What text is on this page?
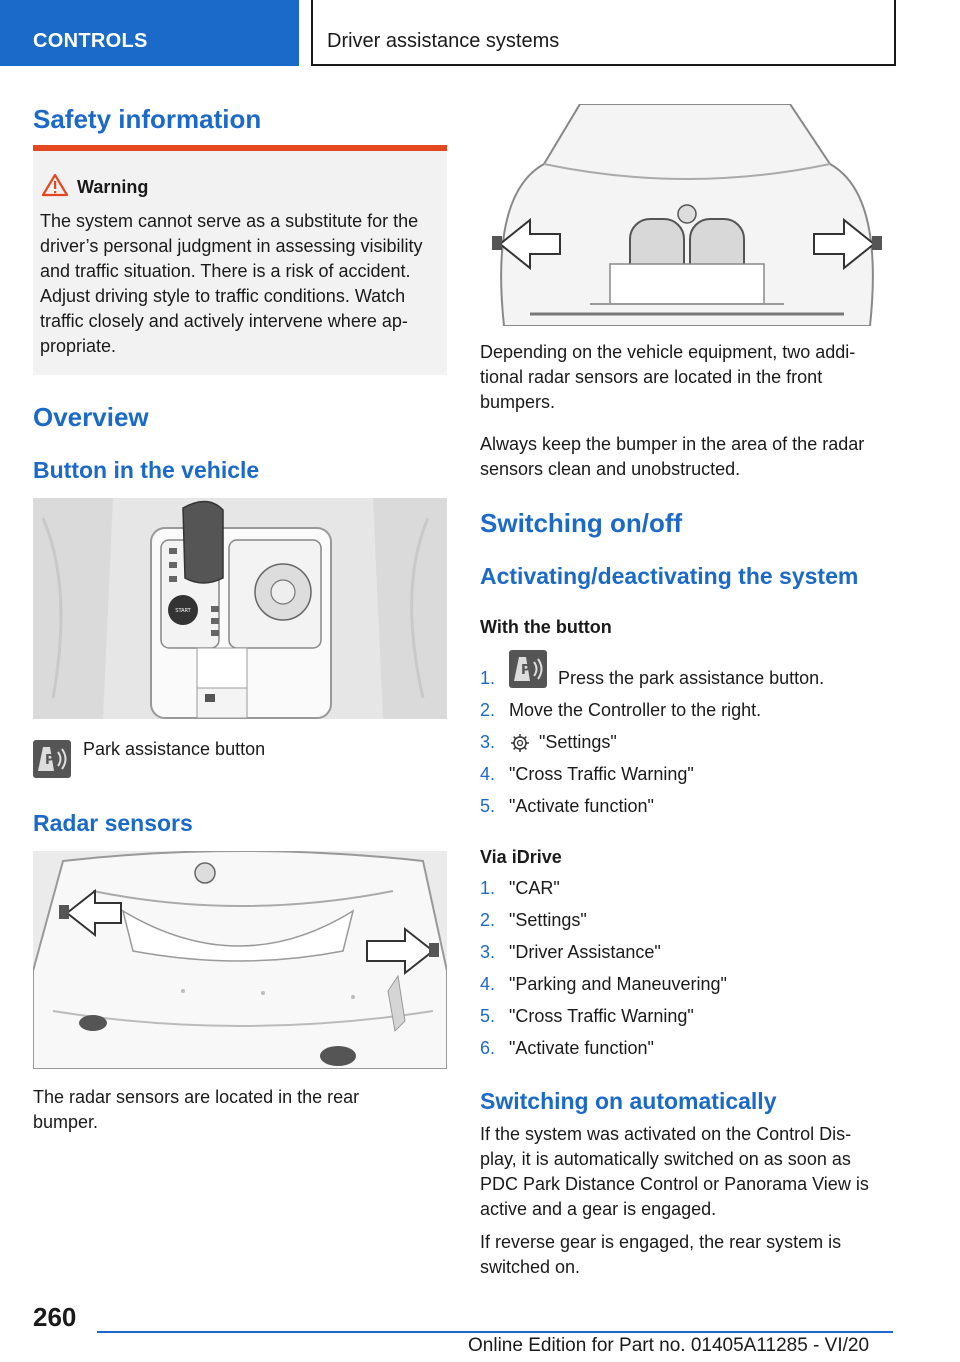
CONTROLS	Driver assistance systems
Safety information
Warning
The system cannot serve as a substitute for the
driver’s personal judgment in assessing visibility
and traffic situation. There is a risk of accident.
Adjust driving style to traffic conditions. Watch
traffic closely and actively intervene where ap-
propriate.
Overview
Button in the vehicle
START
P
Park assistance button
Radar sensors
The radar sensors are located in the rear
bumper.
Depending on the vehicle equipment, two addi-
tional radar sensors are located in the front
bumpers.
Always keep the bumper in the area of the radar
sensors clean and unobstructed.
Switching on/off
Activating/deactivating the system
With the button
1. P Press the park assistance button.
2. Move the Controller to the right.
3. "Settings"
4. "Cross Traffic Warning"
5. "Activate function"
Via iDrive
1. "CAR"
2. "Settings"
3. "Driver Assistance"
4. "Parking and Maneuvering"
5. "Cross Traffic Warning"
6. "Activate function"
Switching on automatically
If the system was activated on the Control Dis-
play, it is automatically switched on as soon as
PDC Park Distance Control or Panorama View is
active and a gear is engaged.
If reverse gear is engaged, the rear system is
switched on.
260
Online Edition for Part no. 01405A11285 - VI/20
